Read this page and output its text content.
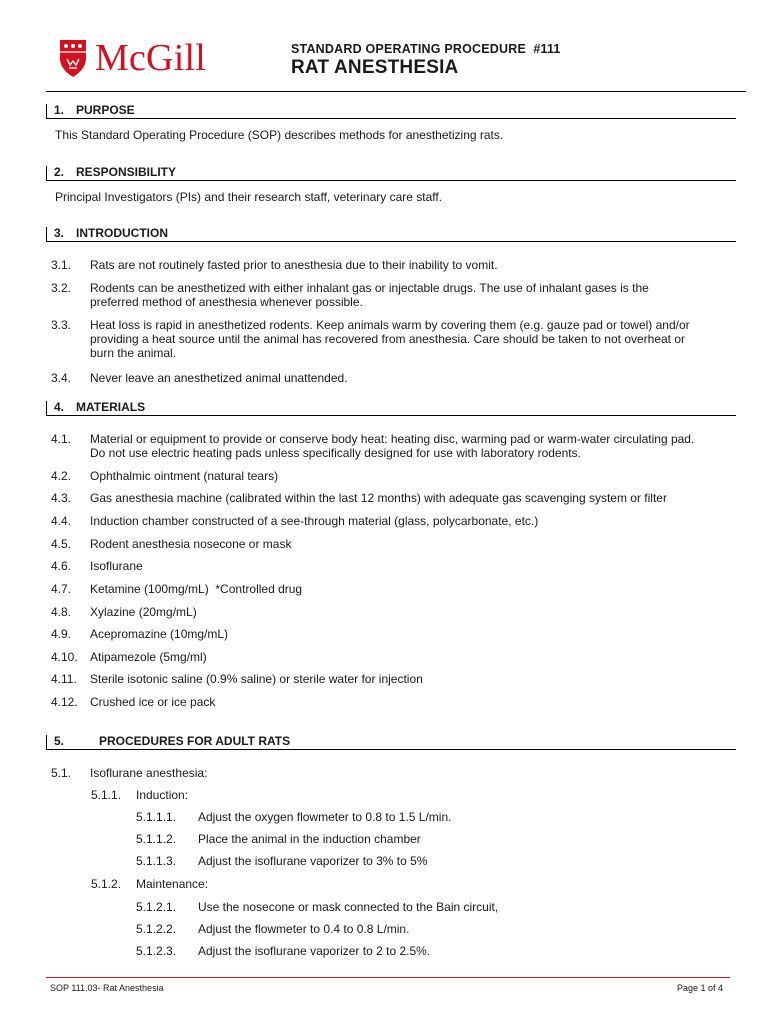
McGill	STANDARD OPERATING PROCEDURE  #111
RAT ANESTHESIA
1. PURPOSE
This Standard Operating Procedure (SOP) describes methods for anesthetizing rats.
2. RESPONSIBILITY
Principal Investigators (PIs) and their research staff, veterinary care staff.
3. INTRODUCTION
3.1. Rats are not routinely fasted prior to anesthesia due to their inability to vomit.
3.2. Rodents can be anesthetized with either inhalant gas or injectable drugs. The use of inhalant gases is the
preferred method of anesthesia whenever possible.
3.3. Heat loss is rapid in anesthetized rodents. Keep animals warm by covering them (e.g. gauze pad or towel) and/or
providing a heat source until the animal has recovered from anesthesia. Care should be taken to not overheat or
burn the animal.
3.4. Never leave an anesthetized animal unattended.
4. MATERIALS
4.1. Material or equipment to provide or conserve body heat: heating disc, warming pad or warm-water circulating pad.
Do not use electric heating pads unless specifically designed for use with laboratory rodents.
4.2. Ophthalmic ointment (natural tears)
4.3. Gas anesthesia machine (calibrated within the last 12 months) with adequate gas scavenging system or filter
4.4. Induction chamber constructed of a see-through material (glass, polycarbonate, etc.)
4.5. Rodent anesthesia nosecone or mask
4.6. Isoflurane
4.7. Ketamine (100mg/mL)  *Controlled drug
4.8. Xylazine (20mg/mL)
4.9. Acepromazine (10mg/mL)
4.10. Atipamezole (5mg/ml)
4.11. Sterile isotonic saline (0.9% saline) or sterile water for injection
4.12. Crushed ice or ice pack
5.	PROCEDURES FOR ADULT RATS
5.1. Isoflurane anesthesia:
5.1.1. Induction:
5.1.1.1. Adjust the oxygen flowmeter to 0.8 to 1.5 L/min.
5.1.1.2. Place the animal in the induction chamber
5.1.1.3. Adjust the isoflurane vaporizer to 3% to 5%
5.1.2. Maintenance:
5.1.2.1. Use the nosecone or mask connected to the Bain circuit,
5.1.2.2. Adjust the flowmeter to 0.4 to 0.8 L/min.
5.1.2.3. Adjust the isoflurane vaporizer to 2 to 2.5%.
SOP 111.03- Rat Anesthesia	Page 1 of 4
